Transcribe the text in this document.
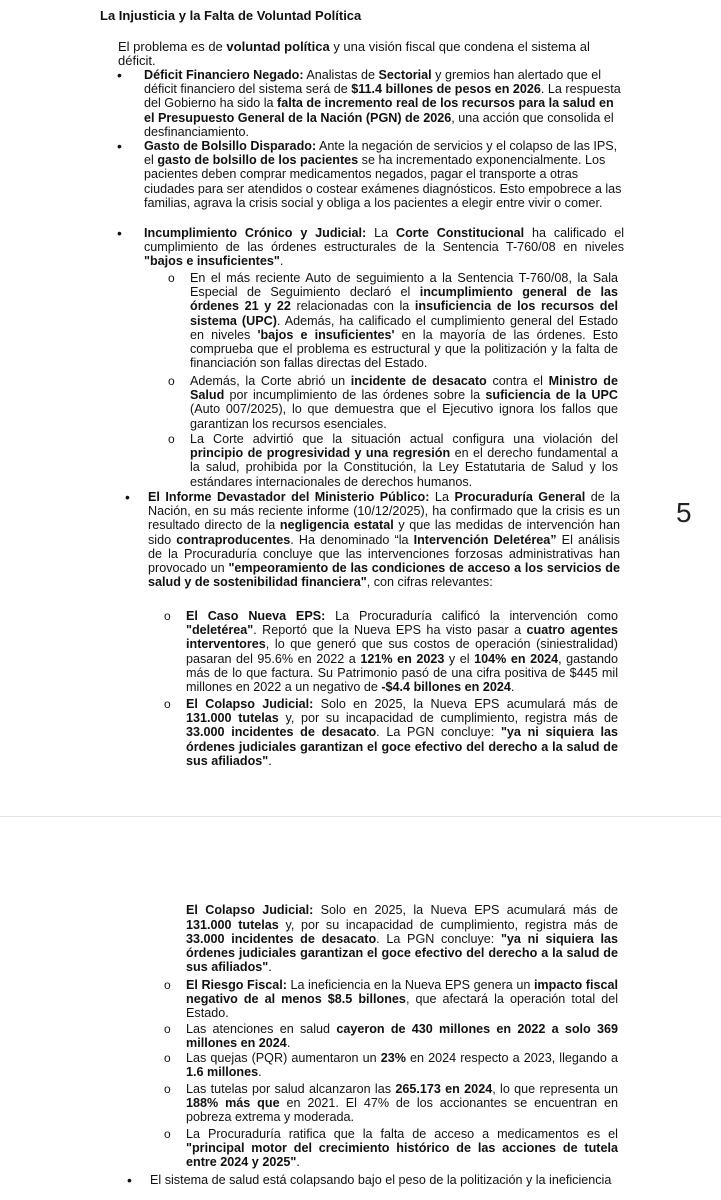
La Injusticia y la Falta de Voluntad Política

El problema es de voluntad política y una visión fiscal que condena el sistema al déficit.

• Déficit Financiero Negado: Analistas de Sectorial y gremios han alertado que el déficit financiero del sistema será de $11.4 billones de pesos en 2026. La respuesta del Gobierno ha sido la falta de incremento real de los recursos para la salud en el Presupuesto General de la Nación (PGN) de 2026, una acción que consolida el desfinanciamiento.
• Gasto de Bolsillo Disparado: Ante la negación de servicios y el colapso de las IPS, el gasto de bolsillo de los pacientes se ha incrementado exponencialmente. Los pacientes deben comprar medicamentos negados, pagar el transporte a otras ciudades para ser atendidos o costear exámenes diagnósticos. Esto empobrece a las familias, agrava la crisis social y obliga a los pacientes a elegir entre vivir o comer.
• Incumplimiento Crónico y Judicial: La Corte Constitucional ha calificado el cumplimiento de las órdenes estructurales de la Sentencia T-760/08 en niveles "bajos e insuficientes".
o En el más reciente Auto de seguimiento a la Sentencia T-760/08, la Sala Especial de Seguimiento declaró el incumplimiento general de las órdenes 21 y 22 relacionadas con la insuficiencia de los recursos del sistema (UPC). Además, ha calificado el cumplimiento general del Estado en niveles 'bajos e insuficientes' en la mayoría de las órdenes. Esto comprueba que el problema es estructural y que la politización y la falta de financiación son fallas directas del Estado.
o Además, la Corte abrió un incidente de desacato contra el Ministro de Salud por incumplimiento de las órdenes sobre la suficiencia de la UPC (Auto 007/2025), lo que demuestra que el Ejecutivo ignora los fallos que garantizan los recursos esenciales.
o La Corte advirtió que la situación actual configura una violación del principio de progresividad y una regresión en el derecho fundamental a la salud, prohibida por la Constitución, la Ley Estatutaria de Salud y los estándares internacionales de derechos humanos.
• El Informe Devastador del Ministerio Público: La Procuraduría General de la Nación, en su más reciente informe (10/12/2025), ha confirmado que la crisis es un resultado directo de la negligencia estatal y que las medidas de intervención han sido contraproducentes. Ha denominado “la Intervención Deletérea” El análisis de la Procuraduría concluye que las intervenciones forzosas administrativas han provocado un "empeoramiento de las condiciones de acceso a los servicios de salud y de sostenibilidad financiera", con cifras relevantes:
o El Caso Nueva EPS: La Procuraduría calificó la intervención como "deletérea". Reportó que la Nueva EPS ha visto pasar a cuatro agentes interventores, lo que generó que sus costos de operación (siniestralidad) pasaran del 95.6% en 2022 a 121% en 2023 y el 104% en 2024, gastando más de lo que factura. Su Patrimonio pasó de una cifra positiva de $445 mil millones en 2022 a un negativo de -$4.4 billones en 2024.
o El Colapso Judicial: Solo en 2025, la Nueva EPS acumulará más de 131.000 tutelas y, por su incapacidad de cumplimiento, registra más de 33.000 incidentes de desacato. La PGN concluye: "ya ni siquiera las órdenes judiciales garantizan el goce efectivo del derecho a la salud de sus afiliados".
5
El Colapso Judicial: Solo en 2025, la Nueva EPS acumulará más de 131.000 tutelas y, por su incapacidad de cumplimiento, registra más de 33.000 incidentes de desacato. La PGN concluye: "ya ni siquiera las órdenes judiciales garantizan el goce efectivo del derecho a la salud de sus afiliados".
o El Riesgo Fiscal: La ineficiencia en la Nueva EPS genera un impacto fiscal negativo de al menos $8.5 billones, que afectará la operación total del Estado.
o Las atenciones en salud cayeron de 430 millones en 2022 a solo 369 millones en 2024.
o Las quejas (PQR) aumentaron un 23% en 2024 respecto a 2023, llegando a 1.6 millones.
o Las tutelas por salud alcanzaron las 265.173 en 2024, lo que representa un 188% más que en 2021. El 47% de los accionantes se encuentran en pobreza extrema y moderada.
o La Procuraduría ratifica que la falta de acceso a medicamentos es el "principal motor del crecimiento histórico de las acciones de tutela entre 2024 y 2025".
• El sistema de salud está colapsando bajo el peso de la politización y la ineficiencia
